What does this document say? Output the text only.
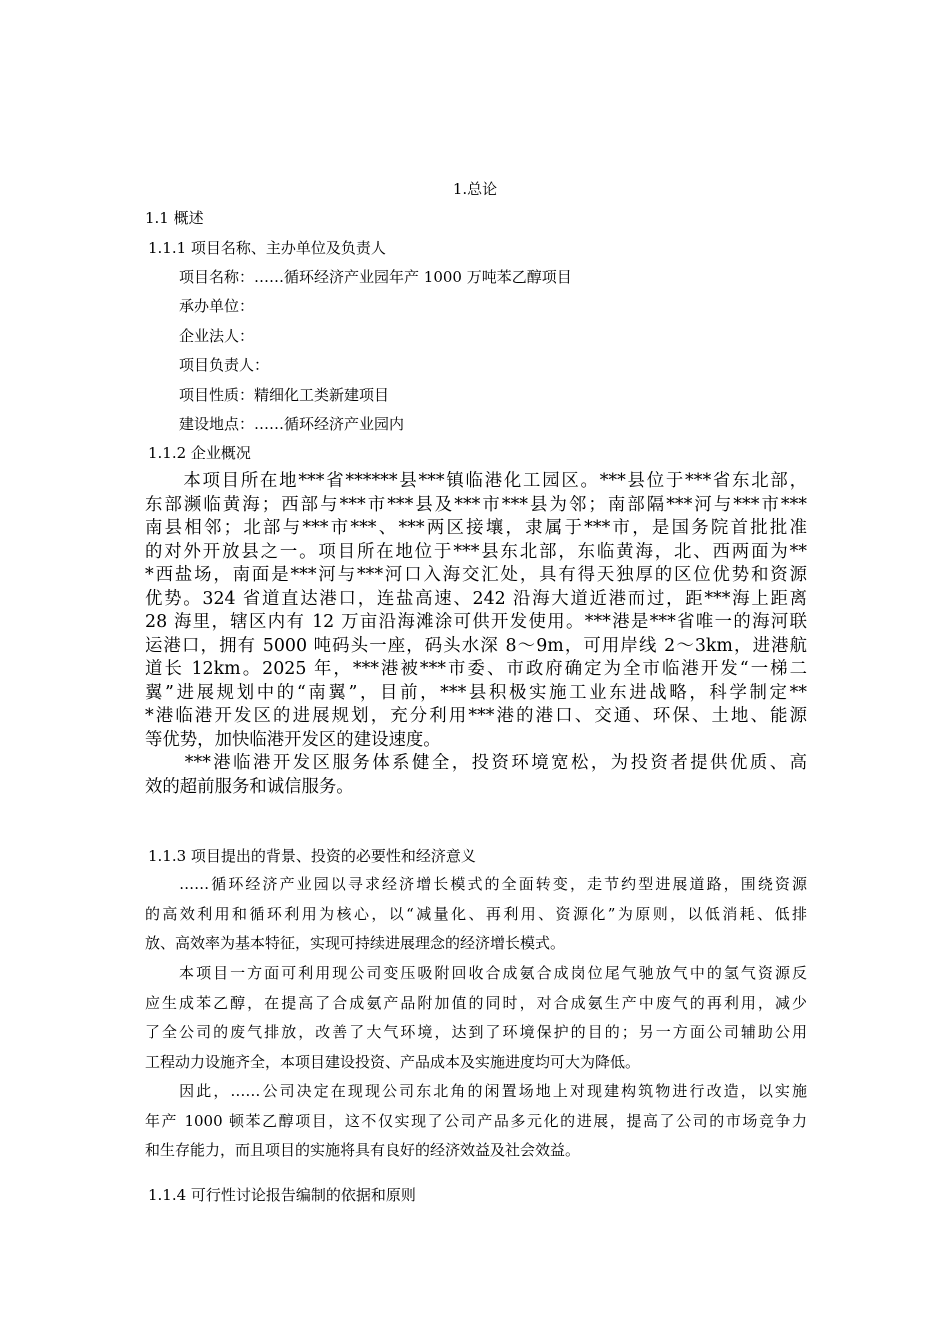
1.总论
1.1 概述
1.1.1 项目名称、主办单位及负责人
项目名称：……循环经济产业园年产 1000 万吨苯乙醇项目
承办单位：
企业法人：
项目负责人：
项目性质：精细化工类新建项目
建设地点：……循环经济产业园内
1.1.2 企业概况
　　本项目所在地***省******县***镇临港化工园区。***县位于***省东北部，
东部濒临黄海；西部与***市***县及***市***县为邻；南部隔***河与***市***
南县相邻；北部与***市***、***两区接壤，隶属于***市，是国务院首批批准
的对外开放县之一。项目所在地位于***县东北部，东临黄海，北、西两面为**
*西盐场，南面是***河与***河口入海交汇处，具有得天独厚的区位优势和资源
优势。324 省道直达港口，连盐高速、242 沿海大道近港而过，距***海上距离
28 海里，辖区内有 12 万亩沿海滩涂可供开发使用。***港是***省唯一的海河联
运港口，拥有 5000 吨码头一座，码头水深 8～9m，可用岸线 2～3km，进港航
道长 12km。2025 年，***港被***市委、市政府确定为全市临港开发“一梯二
翼”进展规划中的“南翼”，目前，***县积极实施工业东进战略，科学制定**
*港临港开发区的进展规划，充分利用***港的港口、交通、环保、土地、能源
等优势，加快临港开发区的建设速度。
　　***港临港开发区服务体系健全，投资环境宽松，为投资者提供优质、高
效的超前服务和诚信服务。
1.1.3 项目提出的背景、投资的必要性和经济意义
　　……循环经济产业园以寻求经济增长模式的全面转变，走节约型进展道路，围绕资源
的高效利用和循环利用为核心，以“减量化、再利用、资源化”为原则，以低消耗、低排
放、高效率为基本特征，实现可持续进展理念的经济增长模式。
　　本项目一方面可利用现公司变压吸附回收合成氨合成岗位尾气驰放气中的氢气资源反
应生成苯乙醇，在提高了合成氨产品附加值的同时，对合成氨生产中废气的再利用，减少
了全公司的废气排放，改善了大气环境，达到了环境保护的目的；另一方面公司辅助公用
工程动力设施齐全，本项目建设投资、产品成本及实施进度均可大为降低。
　　因此，……公司决定在现现公司东北角的闲置场地上对现建构筑物进行改造，以实施
年产 1000 顿苯乙醇项目，这不仅实现了公司产品多元化的进展，提高了公司的市场竞争力
和生存能力，而且项目的实施将具有良好的经济效益及社会效益。
1.1.4 可行性讨论报告编制的依据和原则
